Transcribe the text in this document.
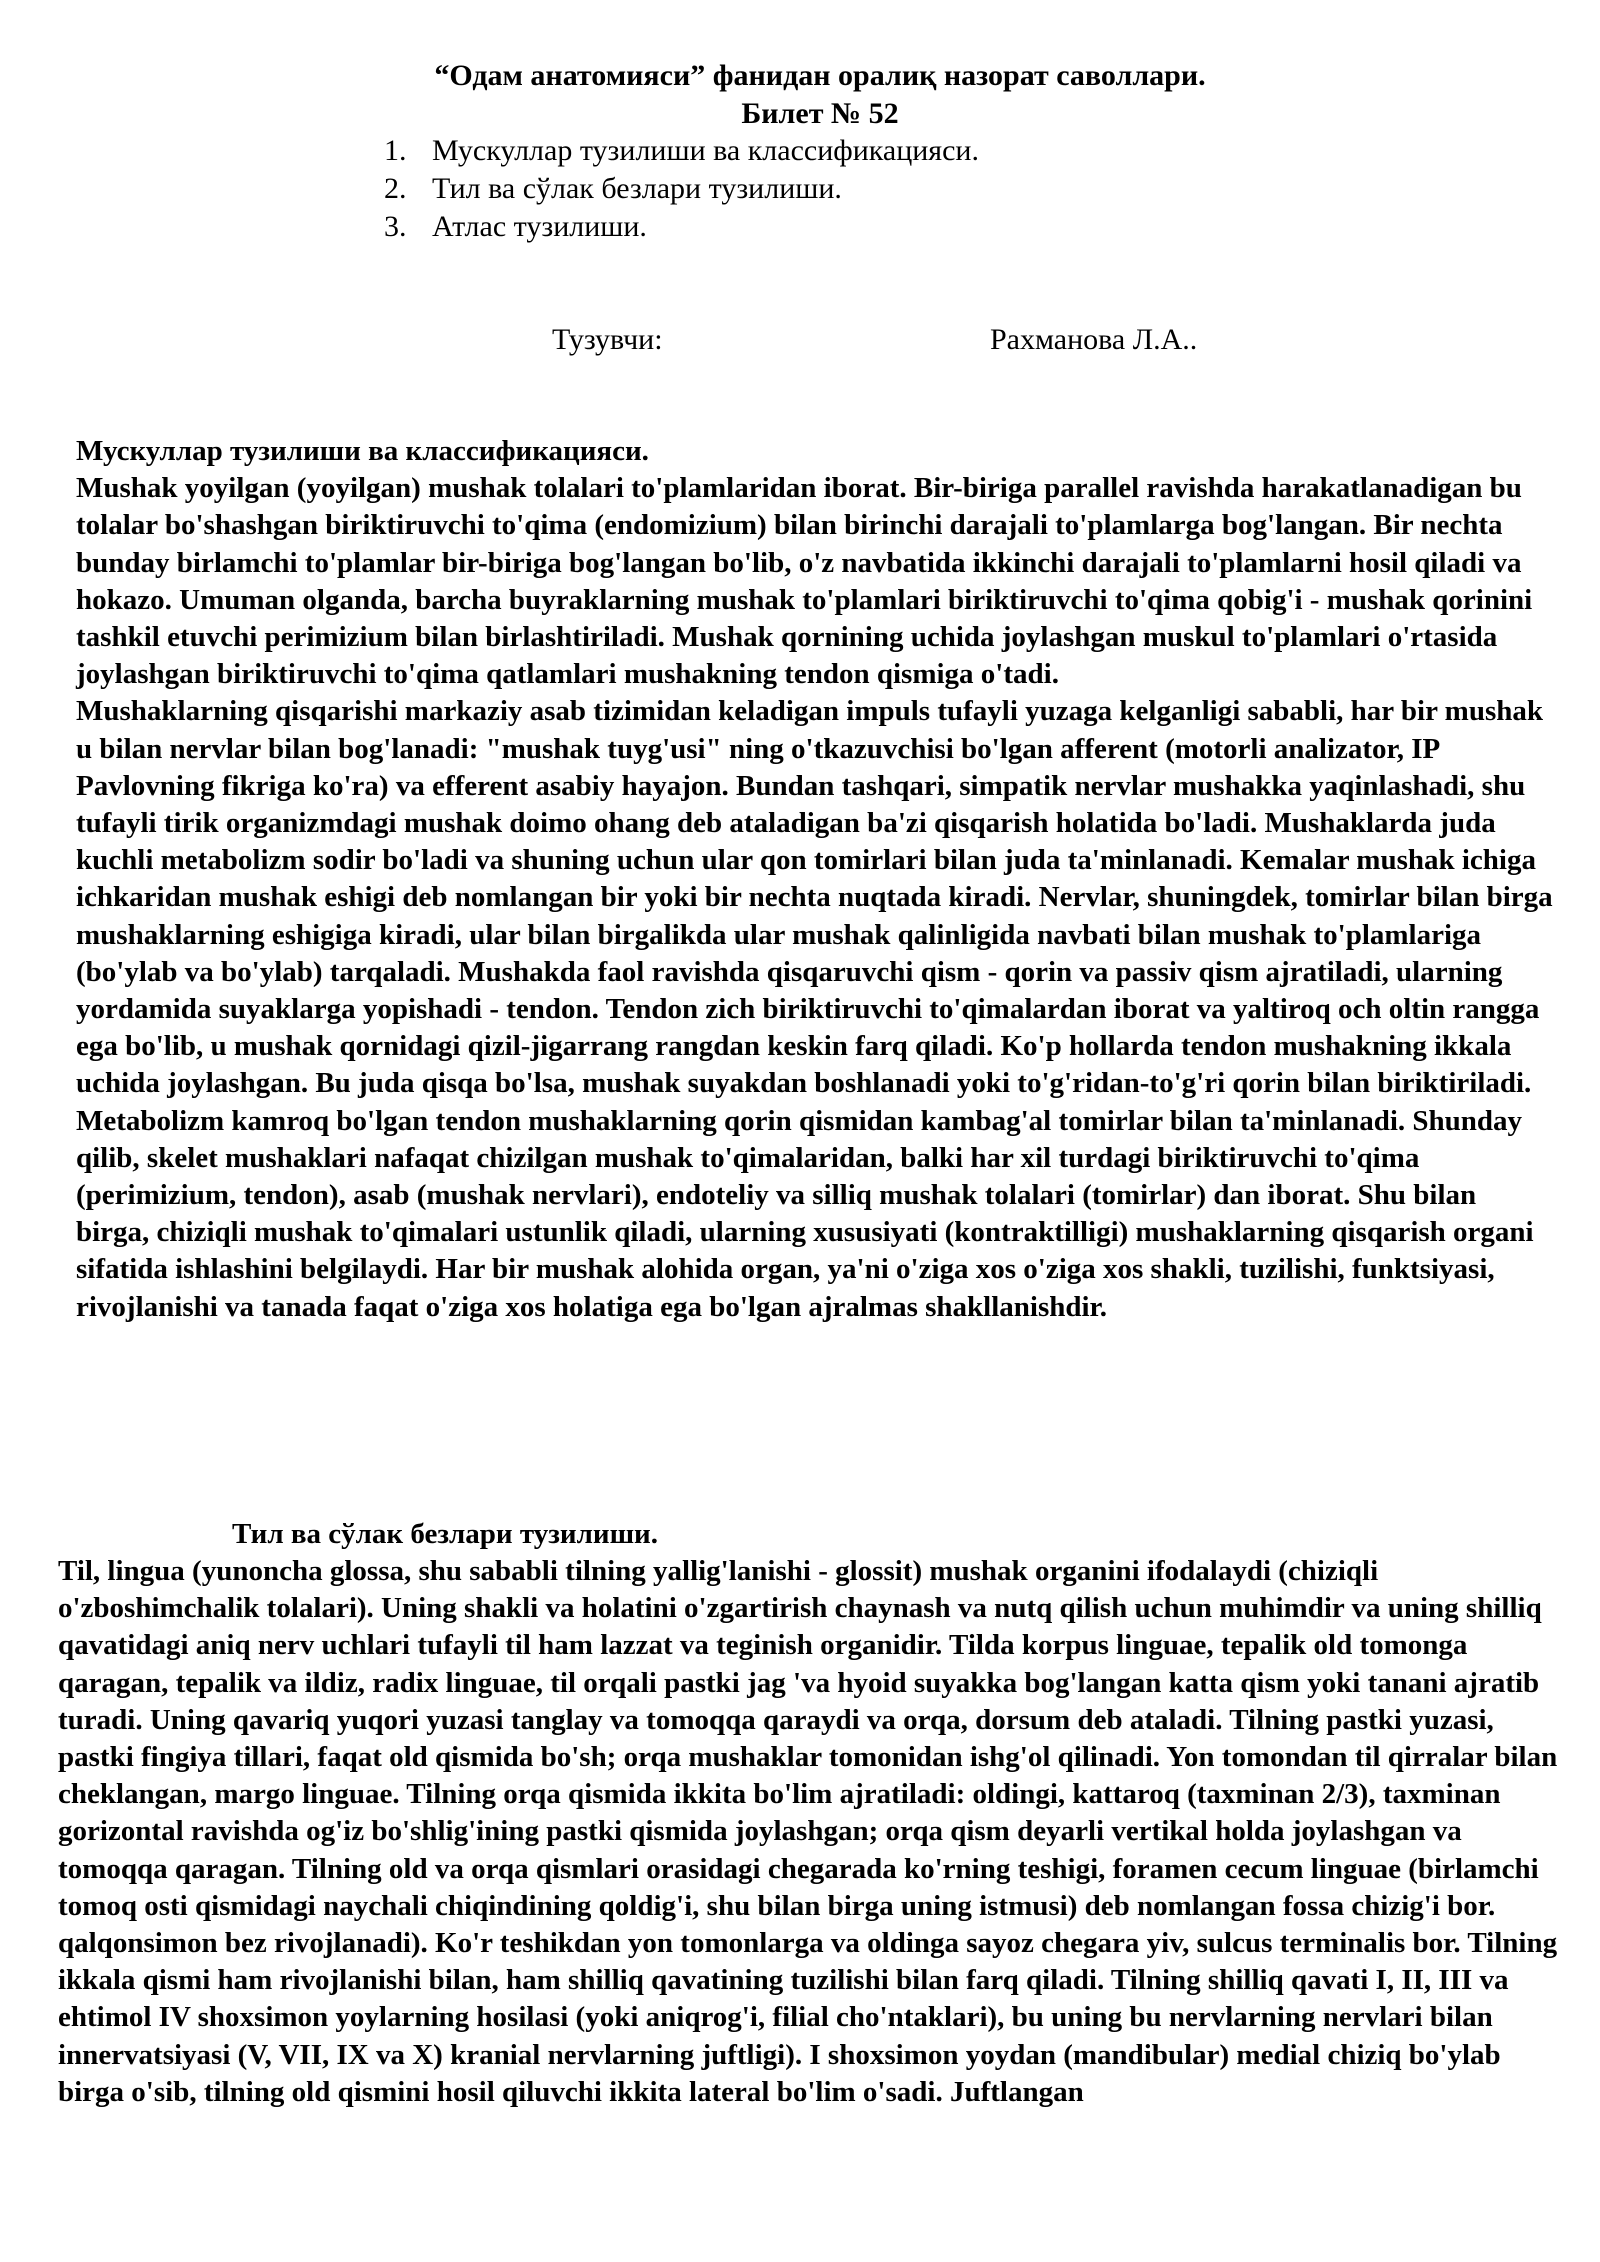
“Одам анатомияси” фанидан оралиқ назорат саволлари.
Билет № 52
1. Мускуллар тузилиши ва классификацияси.
2. Тил ва сўлак безлари тузилиши.
3. Атлас тузилиши.
Тузувчи:	Рахманова Л.А..

Мускуллар тузилиши ва классификацияси.

Mushak yoyilgan (yoyilgan) mushak tolalari to'plamlaridan iborat. Bir-biriga parallel ravishda harakatlanadigan bu tolalar bo'shashgan biriktiruvchi to'qima (endomizium) bilan birinchi darajali to'plamlarga bog'langan. Bir nechta bunday birlamchi to'plamlar bir-biriga bog'langan bo'lib, o'z navbatida ikkinchi darajali to'plamlarni hosil qiladi va hokazo. Umuman olganda, barcha buyraklarning mushak to'plamlari biriktiruvchi to'qima qobig'i - mushak qorinini tashkil etuvchi perimizium bilan birlashtiriladi. Mushak qornining uchida joylashgan muskul to'plamlari o'rtasida joylashgan biriktiruvchi to'qima qatlamlari mushakning tendon qismiga o'tadi.

Mushaklarning qisqarishi markaziy asab tizimidan keladigan impuls tufayli yuzaga kelganligi sababli, har bir mushak u bilan nervlar bilan bog'lanadi: "mushak tuyg'usi" ning o'tkazuvchisi bo'lgan afferent (motorli analizator, IP Pavlovning fikriga ko'ra) va efferent asabiy hayajon. Bundan tashqari, simpatik nervlar mushakka yaqinlashadi, shu tufayli tirik organizmdagi mushak doimo ohang deb ataladigan ba'zi qisqarish holatida bo'ladi. Mushaklarda juda kuchli metabolizm sodir bo'ladi va shuning uchun ular qon tomirlari bilan juda ta'minlanadi. Kemalar mushak ichiga ichkaridan mushak eshigi deb nomlangan bir yoki bir nechta nuqtada kiradi. Nervlar, shuningdek, tomirlar bilan birga mushaklarning eshigiga kiradi, ular bilan birgalikda ular mushak qalinligida navbati bilan mushak to'plamlariga (bo'ylab va bo'ylab) tarqaladi. Mushakda faol ravishda qisqaruvchi qism - qorin va passiv qism ajratiladi, ularning yordamida suyaklarga yopishadi - tendon. Tendon zich biriktiruvchi to'qimalardan iborat va yaltiroq och oltin rangga ega bo'lib, u mushak qornidagi qizil-jigarrang rangdan keskin farq qiladi. Ko'p hollarda tendon mushakning ikkala uchida joylashgan. Bu juda qisqa bo'lsa, mushak suyakdan boshlanadi yoki to'g'ridan-to'g'ri qorin bilan biriktiriladi. Metabolizm kamroq bo'lgan tendon mushaklarning qorin qismidan kambag'al tomirlar bilan ta'minlanadi. Shunday qilib, skelet mushaklari nafaqat chizilgan mushak to'qimalaridan, balki har xil turdagi biriktiruvchi to'qima (perimizium, tendon), asab (mushak nervlari), endoteliy va silliq mushak tolalari (tomirlar) dan iborat. Shu bilan birga, chiziqli mushak to'qimalari ustunlik qiladi, ularning xususiyati (kontraktilligi) mushaklarning qisqarish organi sifatida ishlashini belgilaydi. Har bir mushak alohida organ, ya'ni o'ziga xos o'ziga xos shakli, tuzilishi, funktsiyasi, rivojlanishi va tanada faqat o'ziga xos holatiga ega bo'lgan ajralmas shakllanishdir.

Тил ва сўлак безлари тузилиши.

Til, lingua (yunoncha glossa, shu sababli tilning yallig'lanishi - glossit) mushak organini ifodalaydi (chiziqli o'zboshimchalik tolalari). Uning shakli va holatini o'zgartirish chaynash va nutq qilish uchun muhimdir va uning shilliq qavatidagi aniq nerv uchlari tufayli til ham lazzat va teginish organidir. Tilda korpus linguae, tepalik old tomonga qaragan, tepalik va ildiz, radix linguae, til orqali pastki jag 'va hyoid suyakka bog'langan katta qism yoki tanani ajratib turadi. Uning qavariq yuqori yuzasi tanglay va tomoqqa qaraydi va orqa, dorsum deb ataladi. Tilning pastki yuzasi, pastki fingiya tillari, faqat old qismida bo'sh; orqa mushaklar tomonidan ishg'ol qilinadi. Yon tomondan til qirralar bilan cheklangan, margo linguae. Tilning orqa qismida ikkita bo'lim ajratiladi: oldingi, kattaroq (taxminan 2/3), taxminan gorizontal ravishda og'iz bo'shlig'ining pastki qismida joylashgan; orqa qism deyarli vertikal holda joylashgan va tomoqqa qaragan. Tilning old va orqa qismlari orasidagi chegarada ko'rning teshigi, foramen cecum linguae (birlamchi tomoq osti qismidagi naychali chiqindining qoldig'i, shu bilan birga uning istmusi) deb nomlangan fossa chizig'i bor. qalqonsimon bez rivojlanadi). Ko'r teshikdan yon tomonlarga va oldinga sayoz chegara yiv, sulcus terminalis bor. Tilning ikkala qismi ham rivojlanishi bilan, ham shilliq qavatining tuzilishi bilan farq qiladi. Tilning shilliq qavati I, II, III va ehtimol IV shoxsimon yoylarning hosilasi (yoki aniqrog'i, filial cho'ntaklari), bu uning bu nervlarning nervlari bilan innervatsiyasi (V, VII, IX va X) kranial nervlarning juftligi). I shoxsimon yoydan (mandibular) medial chiziq bo'ylab birga o'sib, tilning old qismini hosil qiluvchi ikkita lateral bo'lim o'sadi. Juftlangan
